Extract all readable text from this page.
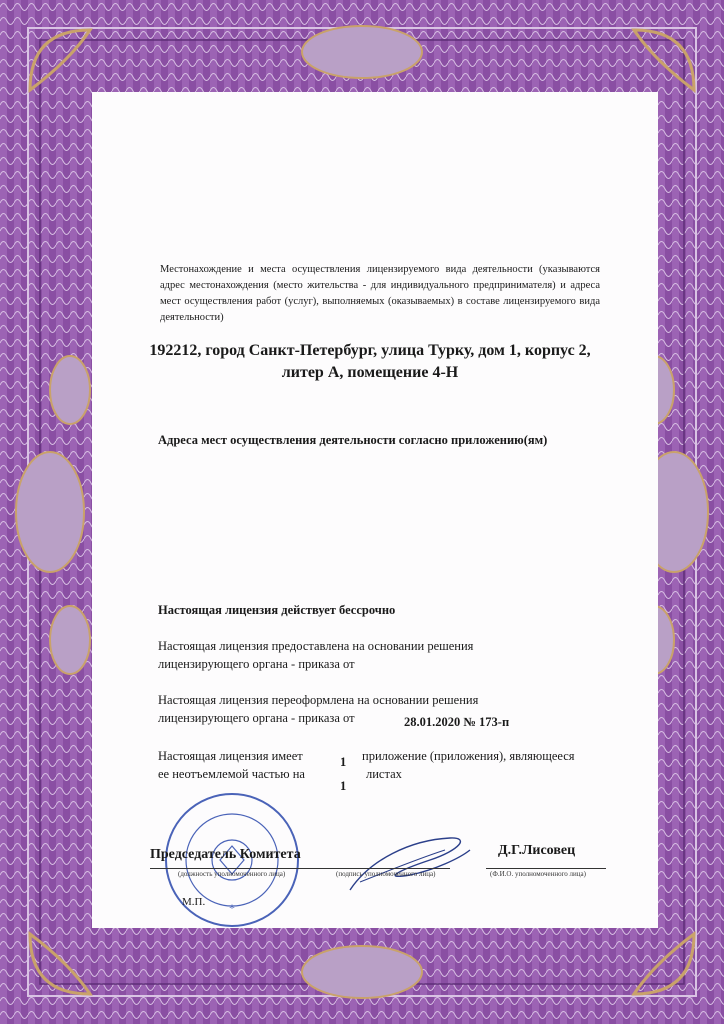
Местонахождение и места осуществления лицензируемого вида деятельности (указываются адрес местонахождения (место жительства - для индивидуального предпринимателя) и адреса мест осуществления работ (услуг), выполняемых (оказываемых) в составе лицензируемого вида деятельности)
192212, город Санкт-Петербург, улица Турку, дом 1, корпус 2,
литер А, помещение 4-Н
Адреса мест осуществления деятельности согласно приложению(ям)
Настоящая лицензия действует бессрочно
Настоящая лицензия предоставлена на основании решения
лицензирующего органа - приказа от
Настоящая лицензия переоформлена на основании решения
лицензирующего органа - приказа от	28.01.2020 № 173-п
Настоящая лицензия имеет	1	приложение (приложения), являющееся
ее неотъемлемой частью на
1
листах
*
Председатель Комитета
(должность уполномоченного лица)	(подпись уполномоченного лица)
Д.Г.Лисовец
(Ф.И.О. уполномоченного лица)
М.П.
